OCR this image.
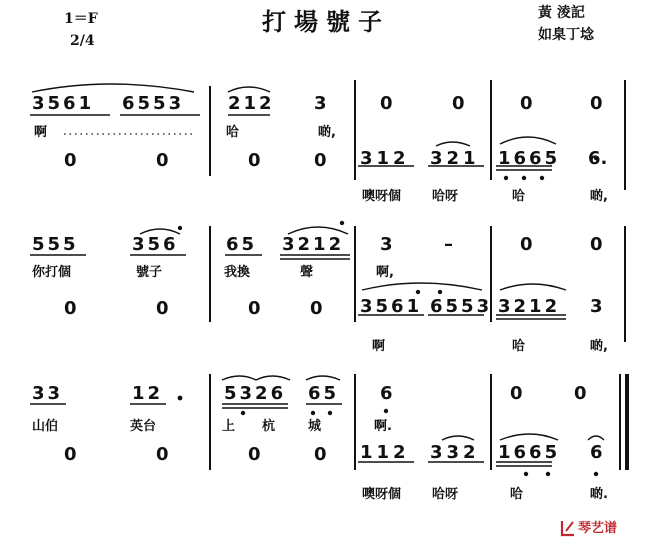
1＝F
2/4
打場號子	黃 淩記
如臬丁埝
3561 6553 212 3	0	0	0	0
啊	哈	啲,
0	0	0	0 312 321 1665 6.
噢呀個 哈呀	哈	啲,
555	356	65 3212 3	–	0	0
你打個	號子	我換	聲	啊,
0	0	0	0 3561 6553 3212 3
啊	哈	啲,
33	12	5326 65 6	0	0
山伯	英台	上 杭	城	啊.
0	0	0	0 112 332 1665 6
噢呀個 哈呀	哈	啲.
琴艺谱
